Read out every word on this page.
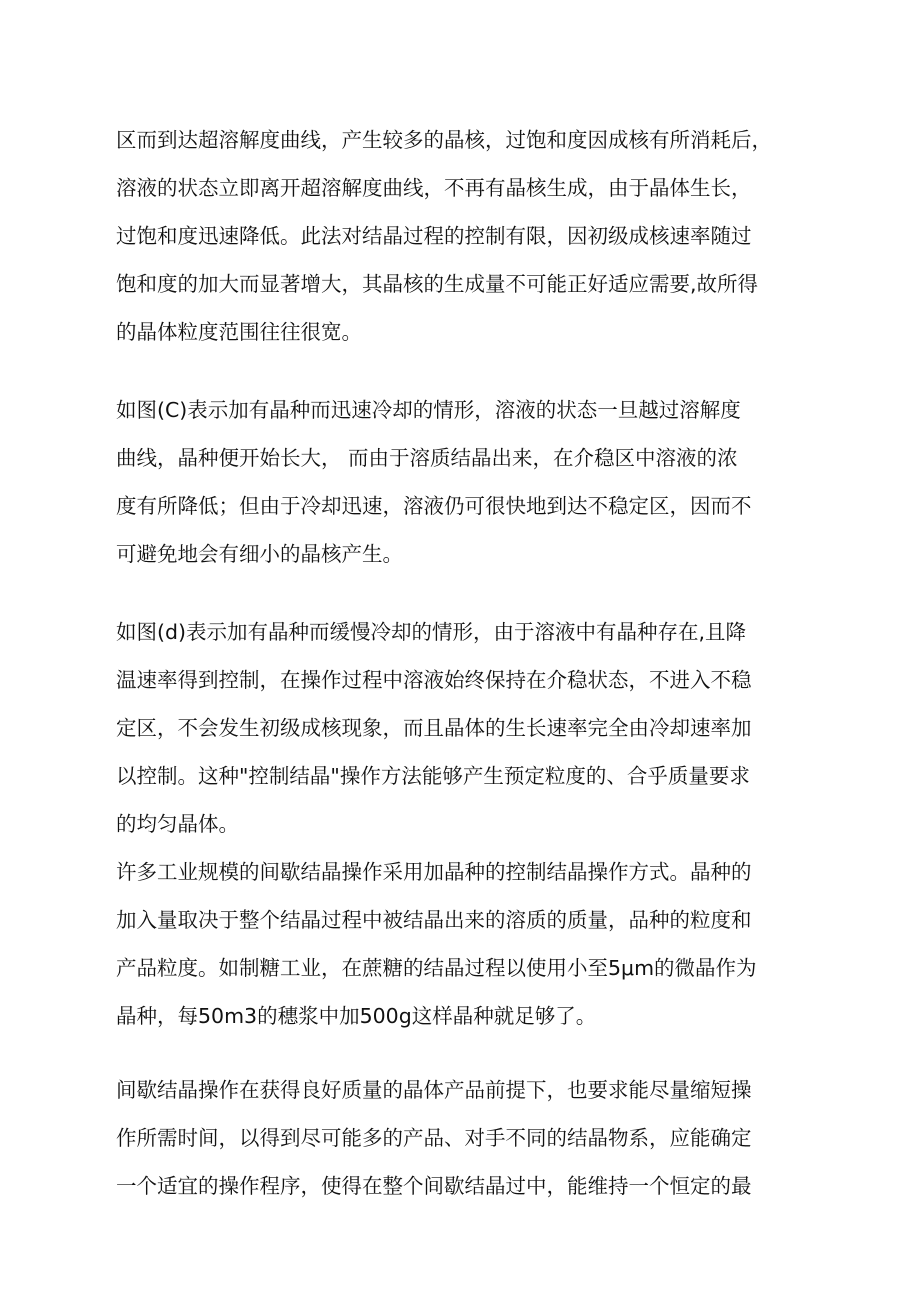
区而到达超溶解度曲线，产生较多的晶核，过饱和度因成核有所消耗后，
溶液的状态立即离开超溶解度曲线，不再有晶核生成，由于晶体生长，
过饱和度迅速降低。此法对结晶过程的控制有限，因初级成核速率随过
饱和度的加大而显著增大，其晶核的生成量不可能正好适应需要,故所得
的晶体粒度范围往往很宽。
如图(C)表示加有晶种而迅速冷却的情形，溶液的状态一旦越过溶解度
曲线，晶种便开始长大， 而由于溶质结晶出来，在介稳区中溶液的浓
度有所降低；但由于冷却迅速，溶液仍可很快地到达不稳定区，因而不
可避免地会有细小的晶核产生。
如图(d)表示加有晶种而缓慢冷却的情形，由于溶液中有晶种存在,且降
温速率得到控制，在操作过程中溶液始终保持在介稳状态，不进入不稳
定区，不会发生初级成核现象，而且晶体的生长速率完全由冷却速率加
以控制。这种"控制结晶"操作方法能够产生预定粒度的、合乎质量要求
的均匀晶体。
许多工业规模的间歇结晶操作采用加晶种的控制结晶操作方式。晶种的
加入量取决于整个结晶过程中被结晶出来的溶质的质量，品种的粒度和
产品粒度。如制糖工业，在蔗糖的结晶过程以使用小至5μm的微晶作为
晶种，每50m3的穗浆中加500g这样晶种就足够了。
间歇结晶操作在获得良好质量的晶体产品前提下，也要求能尽量缩短操
作所需时间，以得到尽可能多的产品、对手不同的结晶物系，应能确定
一个适宜的操作程序，使得在整个间歇结晶过中，能维持一个恒定的最
